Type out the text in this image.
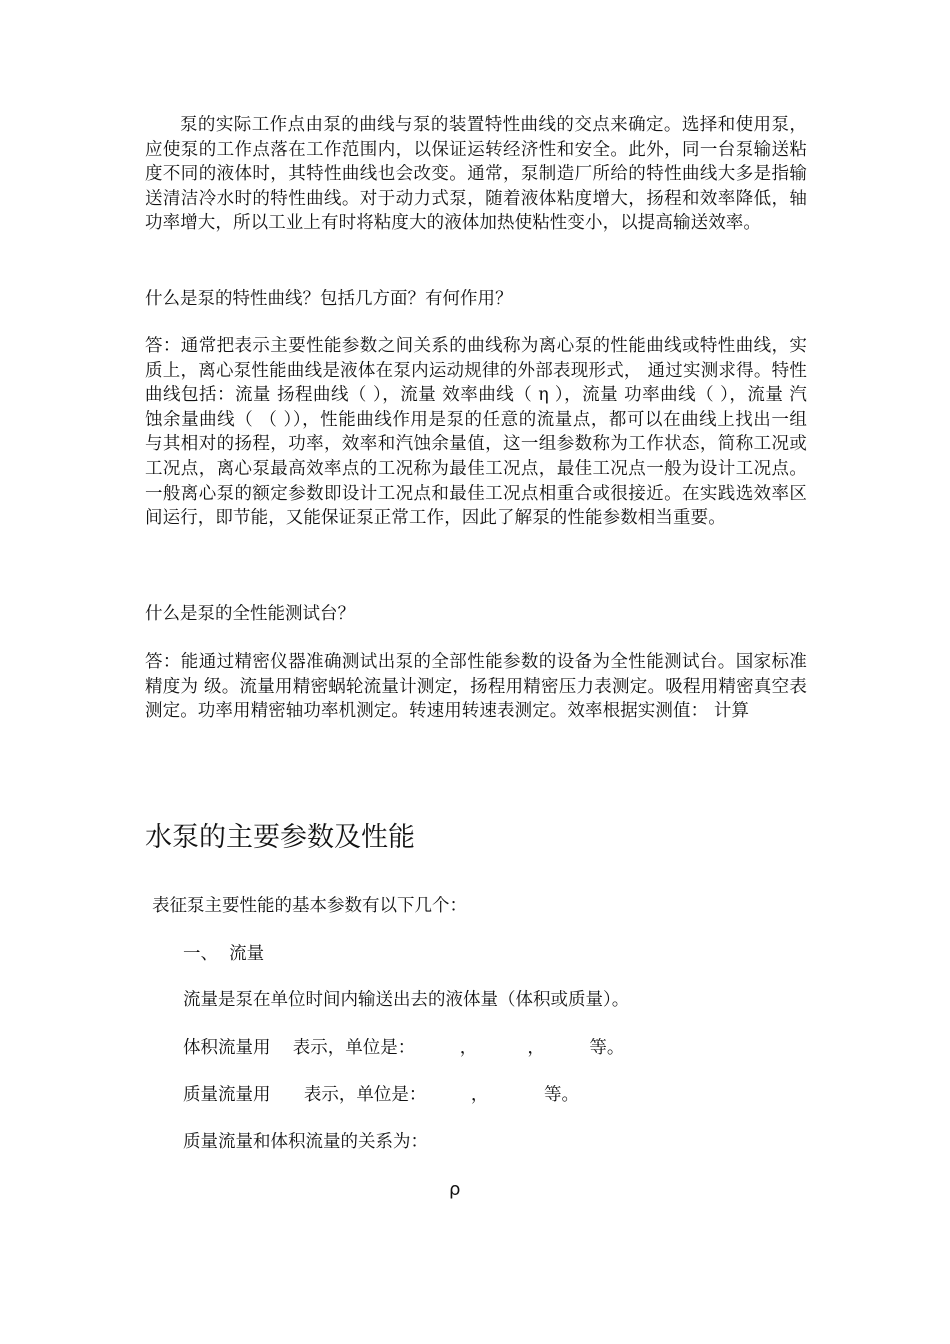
泵的实际工作点由泵的曲线与泵的装置特性曲线的交点来确定。选择和使用泵，应使泵的工作点落在工作范围内，以保证运转经济性和安全。此外，同一台泵输送粘度不同的液体时，其特性曲线也会改变。通常，泵制造厂所给的特性曲线大多是指输送清洁冷水时的特性曲线。对于动力式泵，随着液体粘度增大，扬程和效率降低，轴功率增大，所以工业上有时将粘度大的液体加热使粘性变小，以提高输送效率。

什么是泵的特性曲线？包括几方面？有何作用？

答：通常把表示主要性能参数之间关系的曲线称为离心泵的性能曲线或特性曲线，实质上，离心泵性能曲线是液体在泵内运动规律的外部表现形式， 通过实测求得。特性曲线包括：流量 扬程曲线（ ），流量 效率曲线（ η ），流量 功率曲线（ ），流量 汽蚀余量曲线（ （ ）），性能曲线作用是泵的任意的流量点，都可以在曲线上找出一组与其相对的扬程，功率，效率和汽蚀余量值，这一组参数称为工作状态，简称工况或工况点，离心泵最高效率点的工况称为最佳工况点，最佳工况点一般为设计工况点。一般离心泵的额定参数即设计工况点和最佳工况点相重合或很接近。在实践选效率区间运行，即节能，又能保证泵正常工作，因此了解泵的性能参数相当重要。

什么是泵的全性能测试台？

答：能通过精密仪器准确测试出泵的全部性能参数的设备为全性能测试台。国家标准精度为 级。流量用精密蜗轮流量计测定，扬程用精密压力表测定。吸程用精密真空表测定。功率用精密轴功率机测定。转速用转速表测定。效率根据实测值： 计算

水泵的主要参数及性能
表征泵主要性能的基本参数有以下几个：
一、  流量
流量是泵在单位时间内输送出去的液体量（体积或质量）。
体积流量用    表示，单位是：        ，         ，        等。
质量流量用      表示，单位是：        ，          等。
质量流量和体积流量的关系为：
ρ
